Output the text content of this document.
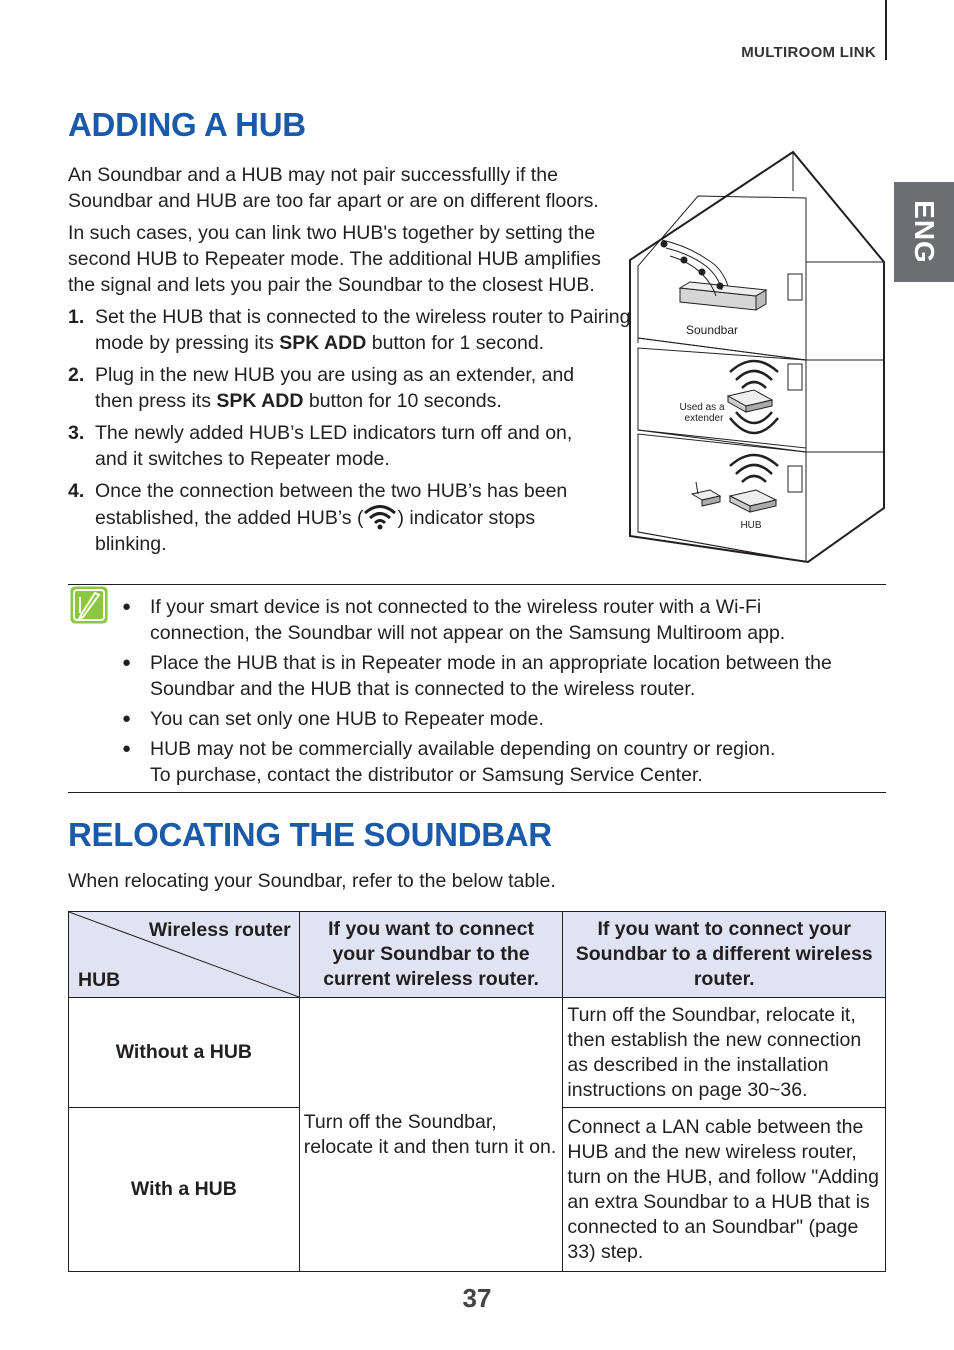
MULTIROOM LINK
ENG
ADDING A HUB
An Soundbar and a HUB may not pair successfullly if the Soundbar and HUB are too far apart or are on different floors.
In such cases, you can link two HUB's together by setting the second HUB to Repeater mode. The additional HUB amplifies the signal and lets you pair the Soundbar to the closest HUB.
1. Set the HUB that is connected to the wireless router to Pairing mode by pressing its SPK ADD button for 1 second.
2. Plug in the new HUB you are using as an extender, and then press its SPK ADD button for 10 seconds.
3. The newly added HUB’s LED indicators turn off and on, and it switches to Repeater mode.
4. Once the connection between the two HUB’s has been established, the added HUB’s ( ) indicator stops blinking.
Soundbar
Used as a
extender
HUB
● If your smart device is not connected to the wireless router with a Wi-Fi connection, the Soundbar will not appear on the Samsung Multiroom app.
● Place the HUB that is in Repeater mode in an appropriate location between the Soundbar and the HUB that is connected to the wireless router.
● You can set only one HUB to Repeater mode.
● HUB may not be commercially available depending on country or region.
To purchase, contact the distributor or Samsung Service Center.
RELOCATING THE SOUNDBAR
When relocating your Soundbar, refer to the below table.
Wireless router
HUB	If you want to connect your Soundbar to the current wireless router.	If you want to connect your Soundbar to a different wireless router.
Without a HUB	Turn off the Soundbar, relocate it and then turn it on.	Turn off the Soundbar, relocate it, then establish the new connection as described in the installation instructions on page 30~36.
With a HUB		Connect a LAN cable between the HUB and the new wireless router, turn on the HUB, and follow "Adding an extra Soundbar to a HUB that is connected to an Soundbar" (page 33) step.
37
